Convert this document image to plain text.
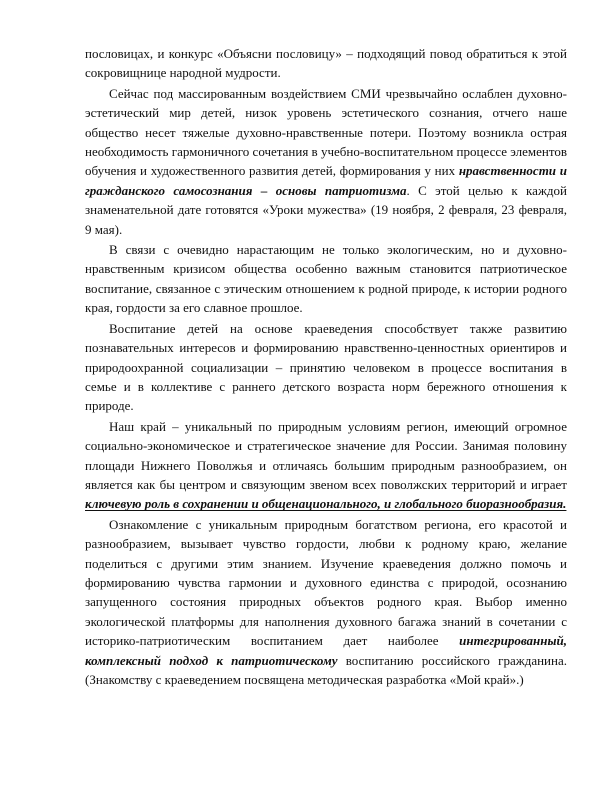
пословицах, и конкурс «Объясни пословицу» – подходящий повод обратиться к этой сокровищнице народной мудрости.

Сейчас под массированным воздействием СМИ чрезвычайно ослаблен духовно-эстетический мир детей, низок уровень эстетического сознания, отчего наше общество несет тяжелые духовно-нравственные потери. Поэтому возникла острая необходимость гармоничного сочетания в учебно-воспитательном процессе элементов обучения и художественного развития детей, формирования у них нравственности и гражданского самосознания – основы патриотизма. С этой целью к каждой знаменательной дате готовятся «Уроки мужества» (19 ноября, 2 февраля, 23 февраля, 9 мая).

В связи с очевидно нарастающим не только экологическим, но и духовно-нравственным кризисом общества особенно важным становится патриотическое воспитание, связанное с этическим отношением к родной природе, к истории родного края, гордости за его славное прошлое.

Воспитание детей на основе краеведения способствует также развитию познавательных интересов и формированию нравственно-ценностных ориентиров и природоохранной социализации – принятию человеком в процессе воспитания в семье и в коллективе с раннего детского возраста норм бережного отношения к природе.

Наш край – уникальный по природным условиям регион, имеющий огромное социально-экономическое и стратегическое значение для России. Занимая половину площади Нижнего Поволжья и отличаясь большим природным разнообразием, он является как бы центром и связующим звеном всех поволжских территорий и играет ключевую роль в сохранении и общенационального, и глобального биоразнообразия.

Ознакомление с уникальным природным богатством региона, его красотой и разнообразием, вызывает чувство гордости, любви к родному краю, желание поделиться с другими этим знанием. Изучение краеведения должно помочь и формированию чувства гармонии и духовного единства с природой, осознанию запущенного состояния природных объектов родного края. Выбор именно экологической платформы для наполнения духовного багажа знаний в сочетании с историко-патриотическим воспитанием дает наиболее интегрированный, комплексный подход к патриотическому воспитанию российского гражданина. (Знакомству с краеведением посвящена методическая разработка «Мой край».)
